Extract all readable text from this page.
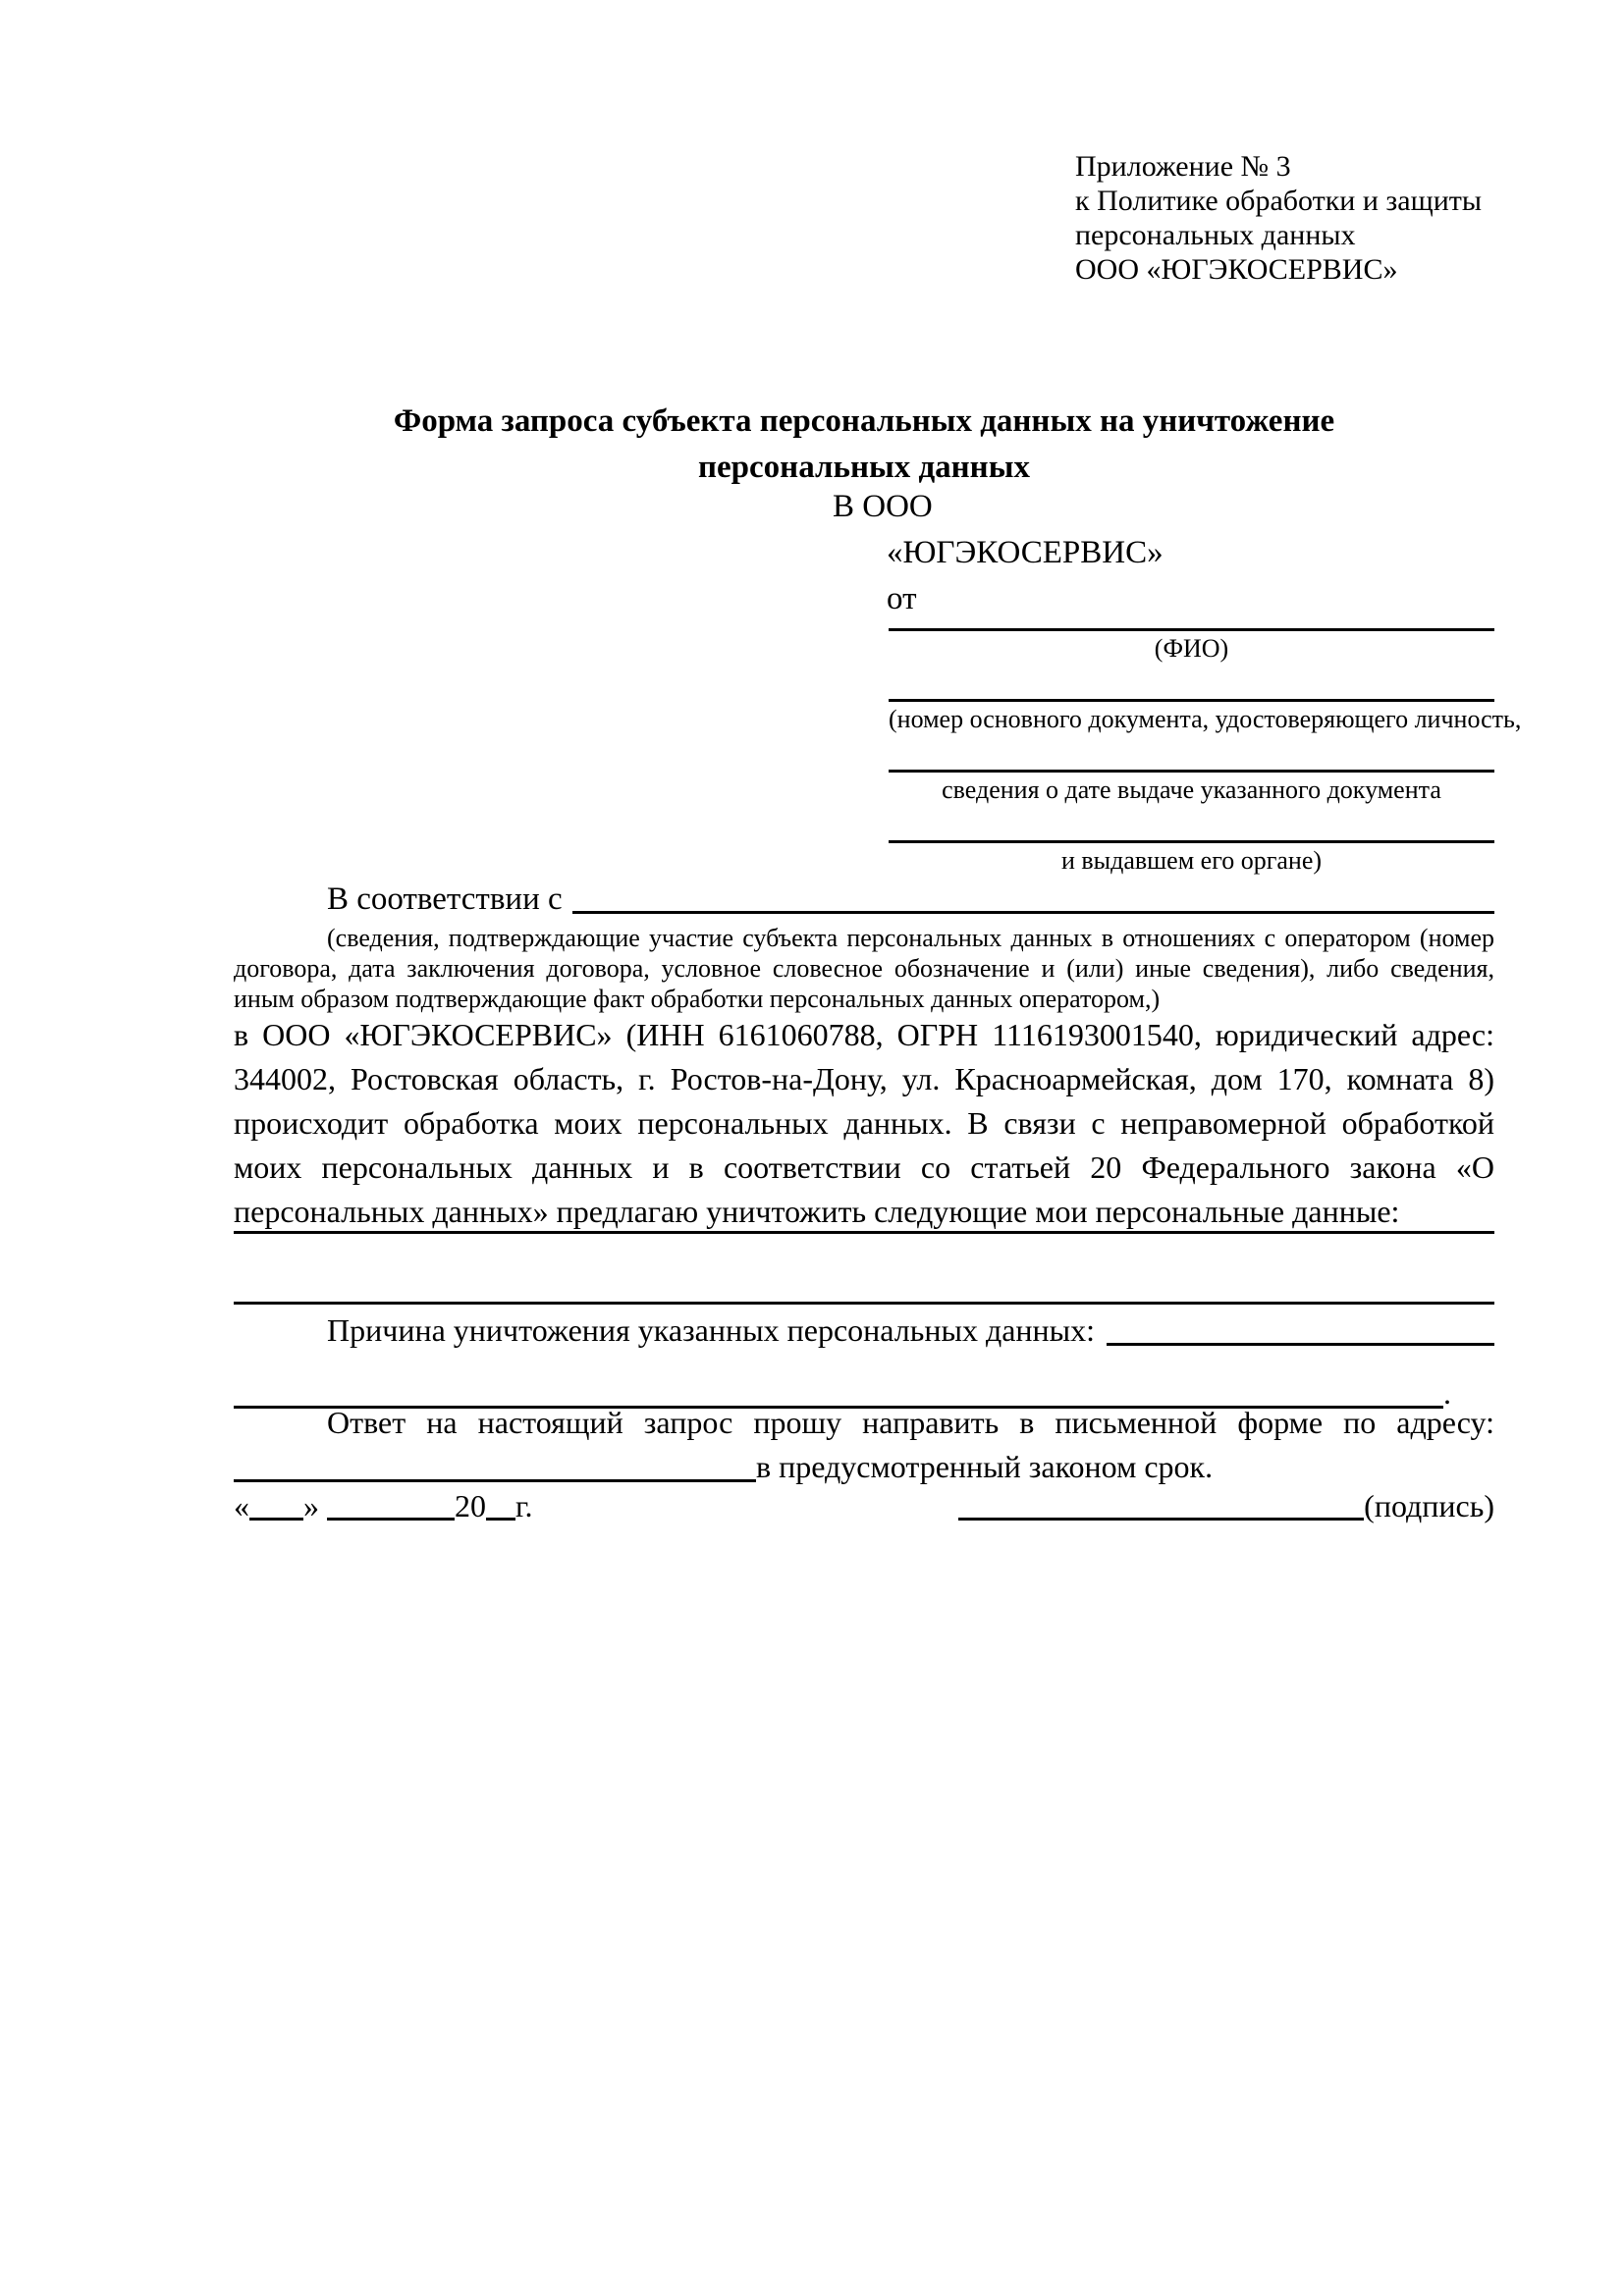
Приложение № 3
к Политике обработки и защиты
персональных данных
ООО «ЮГЭКОСЕРВИС»
Форма запроса субъекта персональных данных на уничтожение персональных данных
В ООО
«ЮГЭКОСЕРВИС»
от
(ФИО)
(номер основного документа, удостоверяющего личность,
сведения о дате выдаче указанного документа
и выдавшем его органе)
В соответствии с
(сведения, подтверждающие участие субъекта персональных данных в отношениях с оператором (номер договора, дата заключения договора, условное словесное обозначение и (или) иные сведения), либо сведения, иным образом подтверждающие факт обработки персональных данных оператором,)
в ООО «ЮГЭКОСЕРВИС» (ИНН 6161060788, ОГРН 1116193001540, юридический адрес: 344002, Ростовская область, г. Ростов-на-Дону, ул. Красноармейская, дом 170, комната 8) происходит обработка моих персональных данных. В связи с неправомерной обработкой моих персональных данных и в соответствии со статьей 20 Федерального закона «О персональных данных» предлагаю уничтожить следующие мои персональные данные:
Причина уничтожения указанных персональных данных:
.
Ответ на настоящий запрос прошу направить в письменной форме по адресу:
в предусмотренный законом срок.
« »	20 г.	(подпись)
